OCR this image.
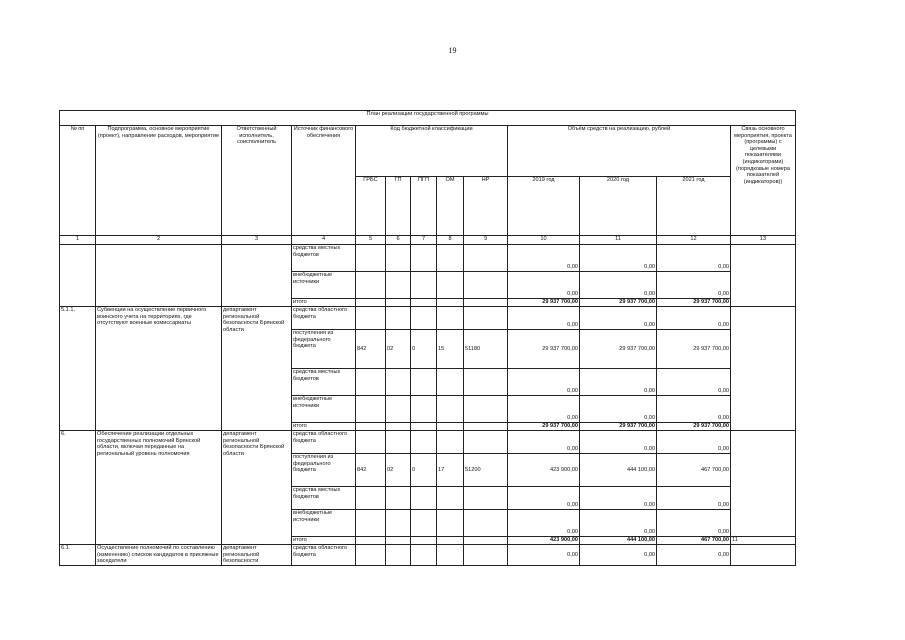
19
План реализации государственной программы												
№ пп	Подпрограмма, основное мероприятие (проект), направление расходов, мероприятие	Ответственный исполнитель, соисполнитель	Источник финансового обеспечения	Код бюджетной классификации					Объём средств на реализацию, рублей			Связь основного мероприятия, проекта (программы) с целевыми показателями (индикаторами) (порядковые номера показателей (индикаторов))
				ГРБС	ГП	ПГП	ОМ	НР	2019 год	2020 год	2021 год	
1	2	3	4	5	6	7	8	9	10	11	12	13
			средства местных бюджетов						0,00	0,00	0,00	
			внебюджетные источники						0,00	0,00	0,00	
			итого						29 937 700,00	29 937 700,00	29 937 700,00	
5.1.1.	Субвенции на осуществление первичного воинского учета на территориях, где отсутствуют военные комиссариаты	департамент региональной безопасности Брянской области	средства областного бюджета						0,00	0,00	0,00	
			поступления из федерального бюджета	842	02	0	15	51180	29 937 700,00	29 937 700,00	29 937 700,00	
			средства местных бюджетов						0,00	0,00	0,00	
			внебюджетные источники						0,00	0,00	0,00	
			итого						29 937 700,00	29 937 700,00	29 937 700,00	
6.	Обеспечение реализации отдельных государственных полномочий Брянской области, включая переданные на региональный уровень полномочия	департамент региональной безопасности Брянской области	средства областного бюджета						0,00	0,00	0,00	
			поступления из федерального бюджета	842	02	0	17	51200	423 900,00	444 100,00	467 700,00	
			средства местных бюджетов						0,00	0,00	0,00	
			внебюджетные источники						0,00	0,00	0,00	
			итого						423 900,00	444 100,00	467 700,00	11
6.1.	Осуществление полномочий по составлению (изменению) списков кандидатов в присяжные заседатели	департамент региональной безопасности	средства областного бюджета						0,00	0,00	0,00	
